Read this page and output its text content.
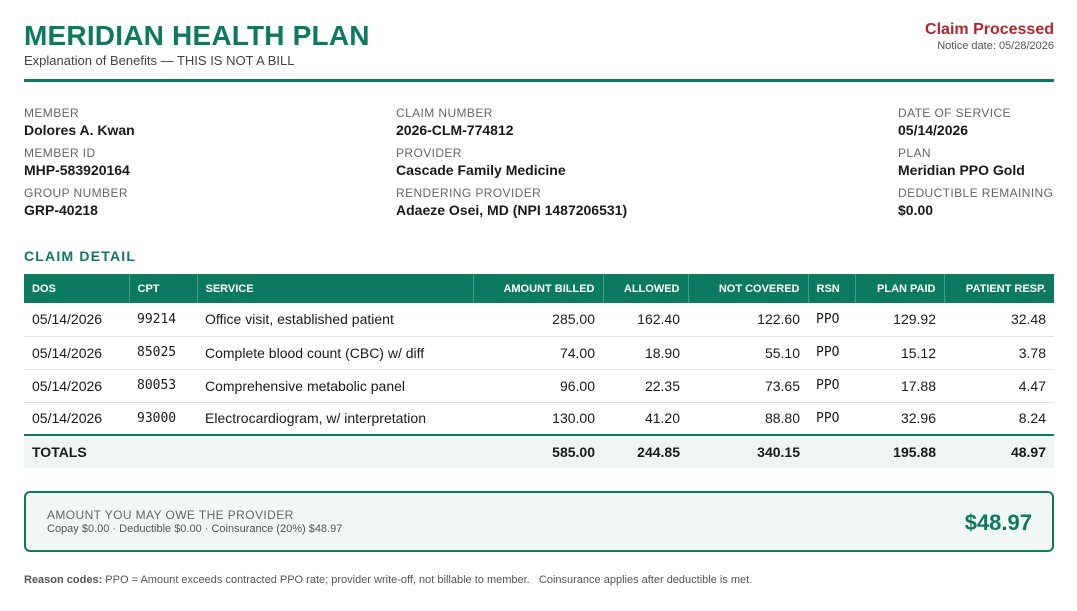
MERIDIAN HEALTH PLAN
Explanation of Benefits — THIS IS NOT A BILL
Claim Processed
Notice date: 05/28/2026
MEMBER
Dolores A. Kwan
MEMBER ID
MHP-583920164
GROUP NUMBER
GRP-40218
CLAIM NUMBER
2026-CLM-774812
PROVIDER
Cascade Family Medicine
RENDERING PROVIDER
Adaeze Osei, MD (NPI 1487206531)
DATE OF SERVICE
05/14/2026
PLAN
Meridian PPO Gold
DEDUCTIBLE REMAINING
$0.00
CLAIM DETAIL
DOS	CPT	SERVICE	AMOUNT BILLED	ALLOWED	NOT COVERED	RSN	PLAN PAID	PATIENT RESP.
05/14/2026	99214	Office visit, established patient	285.00	162.40	122.60	PPO	129.92	32.48
05/14/2026	85025	Complete blood count (CBC) w/ diff	74.00	18.90	55.10	PPO	15.12	3.78
05/14/2026	80053	Comprehensive metabolic panel	96.00	22.35	73.65	PPO	17.88	4.47
05/14/2026	93000	Electrocardiogram, w/ interpretation	130.00	41.20	88.80	PPO	32.96	8.24
TOTALS			585.00	244.85	340.15		195.88	48.97
AMOUNT YOU MAY OWE THE PROVIDER
Copay $0.00 · Deductible $0.00 · Coinsurance (20%) $48.97	$48.97
Reason codes: PPO = Amount exceeds contracted PPO rate; provider write-off, not billable to member.   Coinsurance applies after deductible is met.
